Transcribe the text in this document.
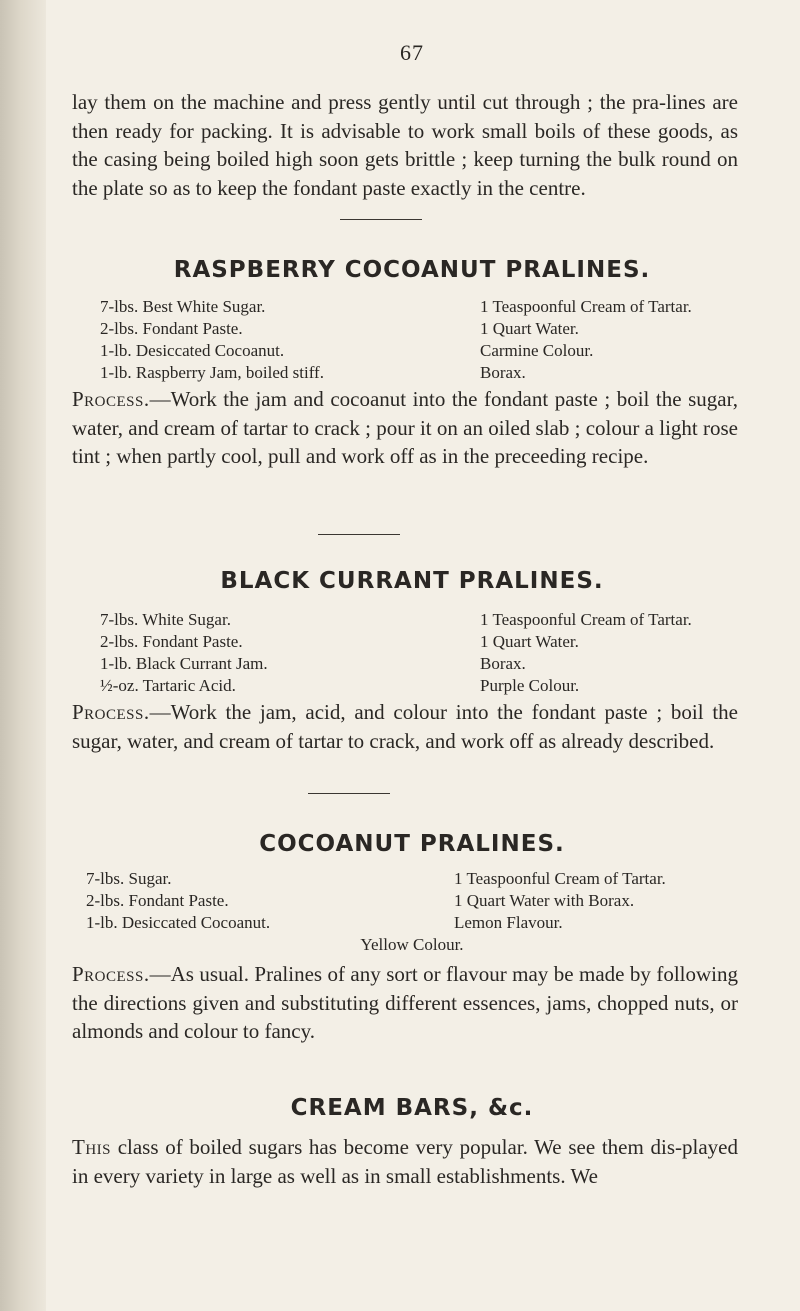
67

lay them on the machine and press gently until cut through ; the pra-lines are then ready for packing. It is advisable to work small boils of these goods, as the casing being boiled high soon gets brittle ; keep turning the bulk round on the plate so as to keep the fondant paste exactly in the centre.

RASPBERRY COCOANUT PRALINES.
7-lbs. Best White Sugar.
2-lbs. Fondant Paste.
1-lb. Desiccated Cocoanut.
1-lb. Raspberry Jam, boiled stiff.
1 Teaspoonful Cream of Tartar.
1 Quart Water.
Carmine Colour.
Borax.

Process.—Work the jam and cocoanut into the fondant paste ; boil the sugar, water, and cream of tartar to crack ; pour it on an oiled slab ; colour a light rose tint ; when partly cool, pull and work off as in the preceeding recipe.

BLACK CURRANT PRALINES.
7-lbs. White Sugar.
2-lbs. Fondant Paste.
1-lb. Black Currant Jam.
½-oz. Tartaric Acid.
1 Teaspoonful Cream of Tartar.
1 Quart Water.
Borax.
Purple Colour.

Process.—Work the jam, acid, and colour into the fondant paste ; boil the sugar, water, and cream of tartar to crack, and work off as already described.

COCOANUT PRALINES.
7-lbs. Sugar.
2-lbs. Fondant Paste.
1-lb. Desiccated Cocoanut.
1 Teaspoonful Cream of Tartar.
1 Quart Water with Borax.
Lemon Flavour.
Yellow Colour.

Process.—As usual. Pralines of any sort or flavour may be made by following the directions given and substituting different essences, jams, chopped nuts, or almonds and colour to fancy.

CREAM BARS, &c.

This class of boiled sugars has become very popular. We see them dis-played in every variety in large as well as in small establishments. We
